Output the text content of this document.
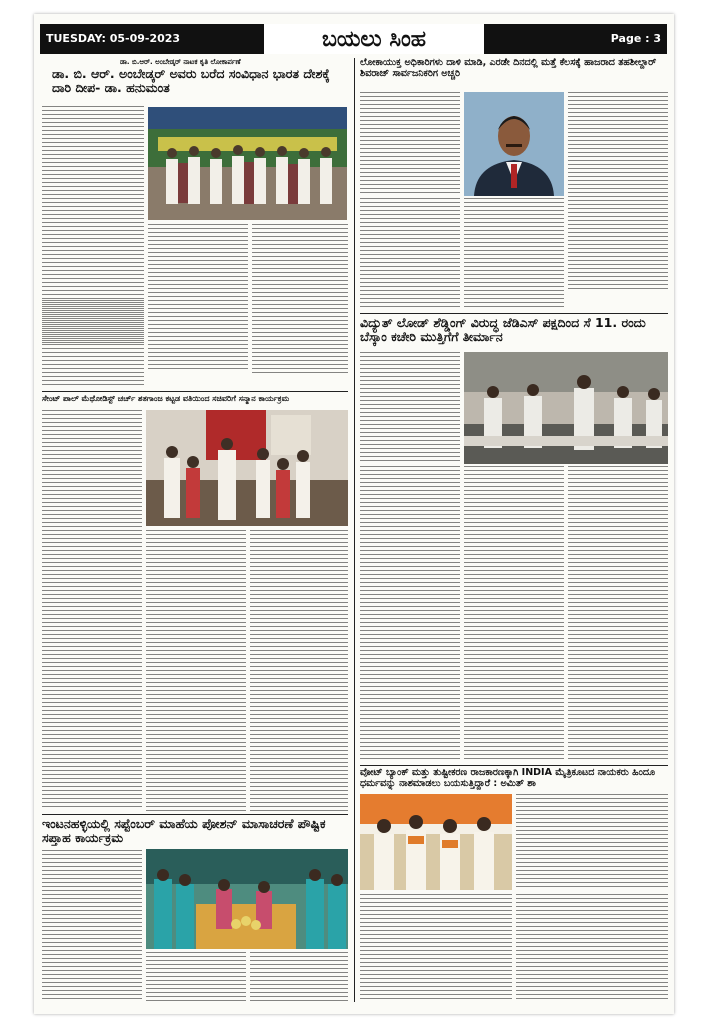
TUESDAY: 05-09-2023	ಬಯಲು ಸಿಂಹ	Page : 3
ಡಾ. ಬಿ.ಆರ್. ಅಂಬೇಡ್ಕರ್ ನಾಟಕ ಕೃತಿ ಲೋಕಾರ್ಪಣೆ
ಡಾ. ಬಿ. ಆರ್. ಅಂಬೇಡ್ಕರ್ ಅವರು ಬರೆದ ಸಂವಿಧಾನ ಭಾರತ ದೇಶಕ್ಕೆ ದಾರಿ ದೀಪ- ಡಾ. ಹನುಮಂತ
ಸೇಂಟ್ ಪಾಲ್ ಮೆಥೋಡಿಸ್ಟ್ ಚರ್ಚ್ ಶತಗಾಂಜ ಕಟ್ಟಡ ವತಿಯಿಂದ ಸಚಿವರಿಗೆ ಸನ್ಮಾನ ಕಾರ್ಯಕ್ರಮ
ಇಂಟನಹಳ್ಳಿಯಲ್ಲಿ ಸಪ್ಟೆಂಬರ್ ಮಾಹೆಯ ಪೋಶನ್ ಮಾಸಾಚರಣೆ ಪೌಷ್ಟಿಕ ಸಪ್ತಾಹ ಕಾರ್ಯಕ್ರಮ
ಲೋಕಾಯುಕ್ತ ಅಧಿಕಾರಿಗಳು ದಾಳಿ ಮಾಡಿ, ಎರಡೇ ದಿನದಲ್ಲಿ ಮತ್ತೆ ಕೆಲಸಕ್ಕೆ ಹಾಜರಾದ ತಹಶೀಲ್ದಾರ್ ಶಿವರಾಜ್ ಸಾರ್ವಜನಿಕರಿಗ ಅಚ್ಚರಿ
ವಿದ್ಯುತ್ ಲೋಡ್ ಶೆಡ್ಡಿಂಗ್ ವಿರುದ್ಧ ಜೆಡಿಎಸ್ ಪಕ್ಷದಿಂದ ಸೆ 11. ರಂದು ಬೆಸ್ಕಾಂ ಕಚೇರಿ ಮುತ್ತಿಗೆಗೆ ತೀರ್ಮಾನ
ವೋಟ್ ಬ್ಯಾಂಕ್ ಮತ್ತು ತುಷ್ಟೀಕರಣ ರಾಜಕಾರಣಕ್ಕಾಗಿ INDIA ಮೈತ್ರಿಕೂಟದ ನಾಯಕರು ಹಿಂದೂ ಧರ್ಮವನ್ನು ನಾಶಮಾಡಲು ಬಯಸುತ್ತಿದ್ದಾರೆ : ಅಮಿತ್ ಶಾ
